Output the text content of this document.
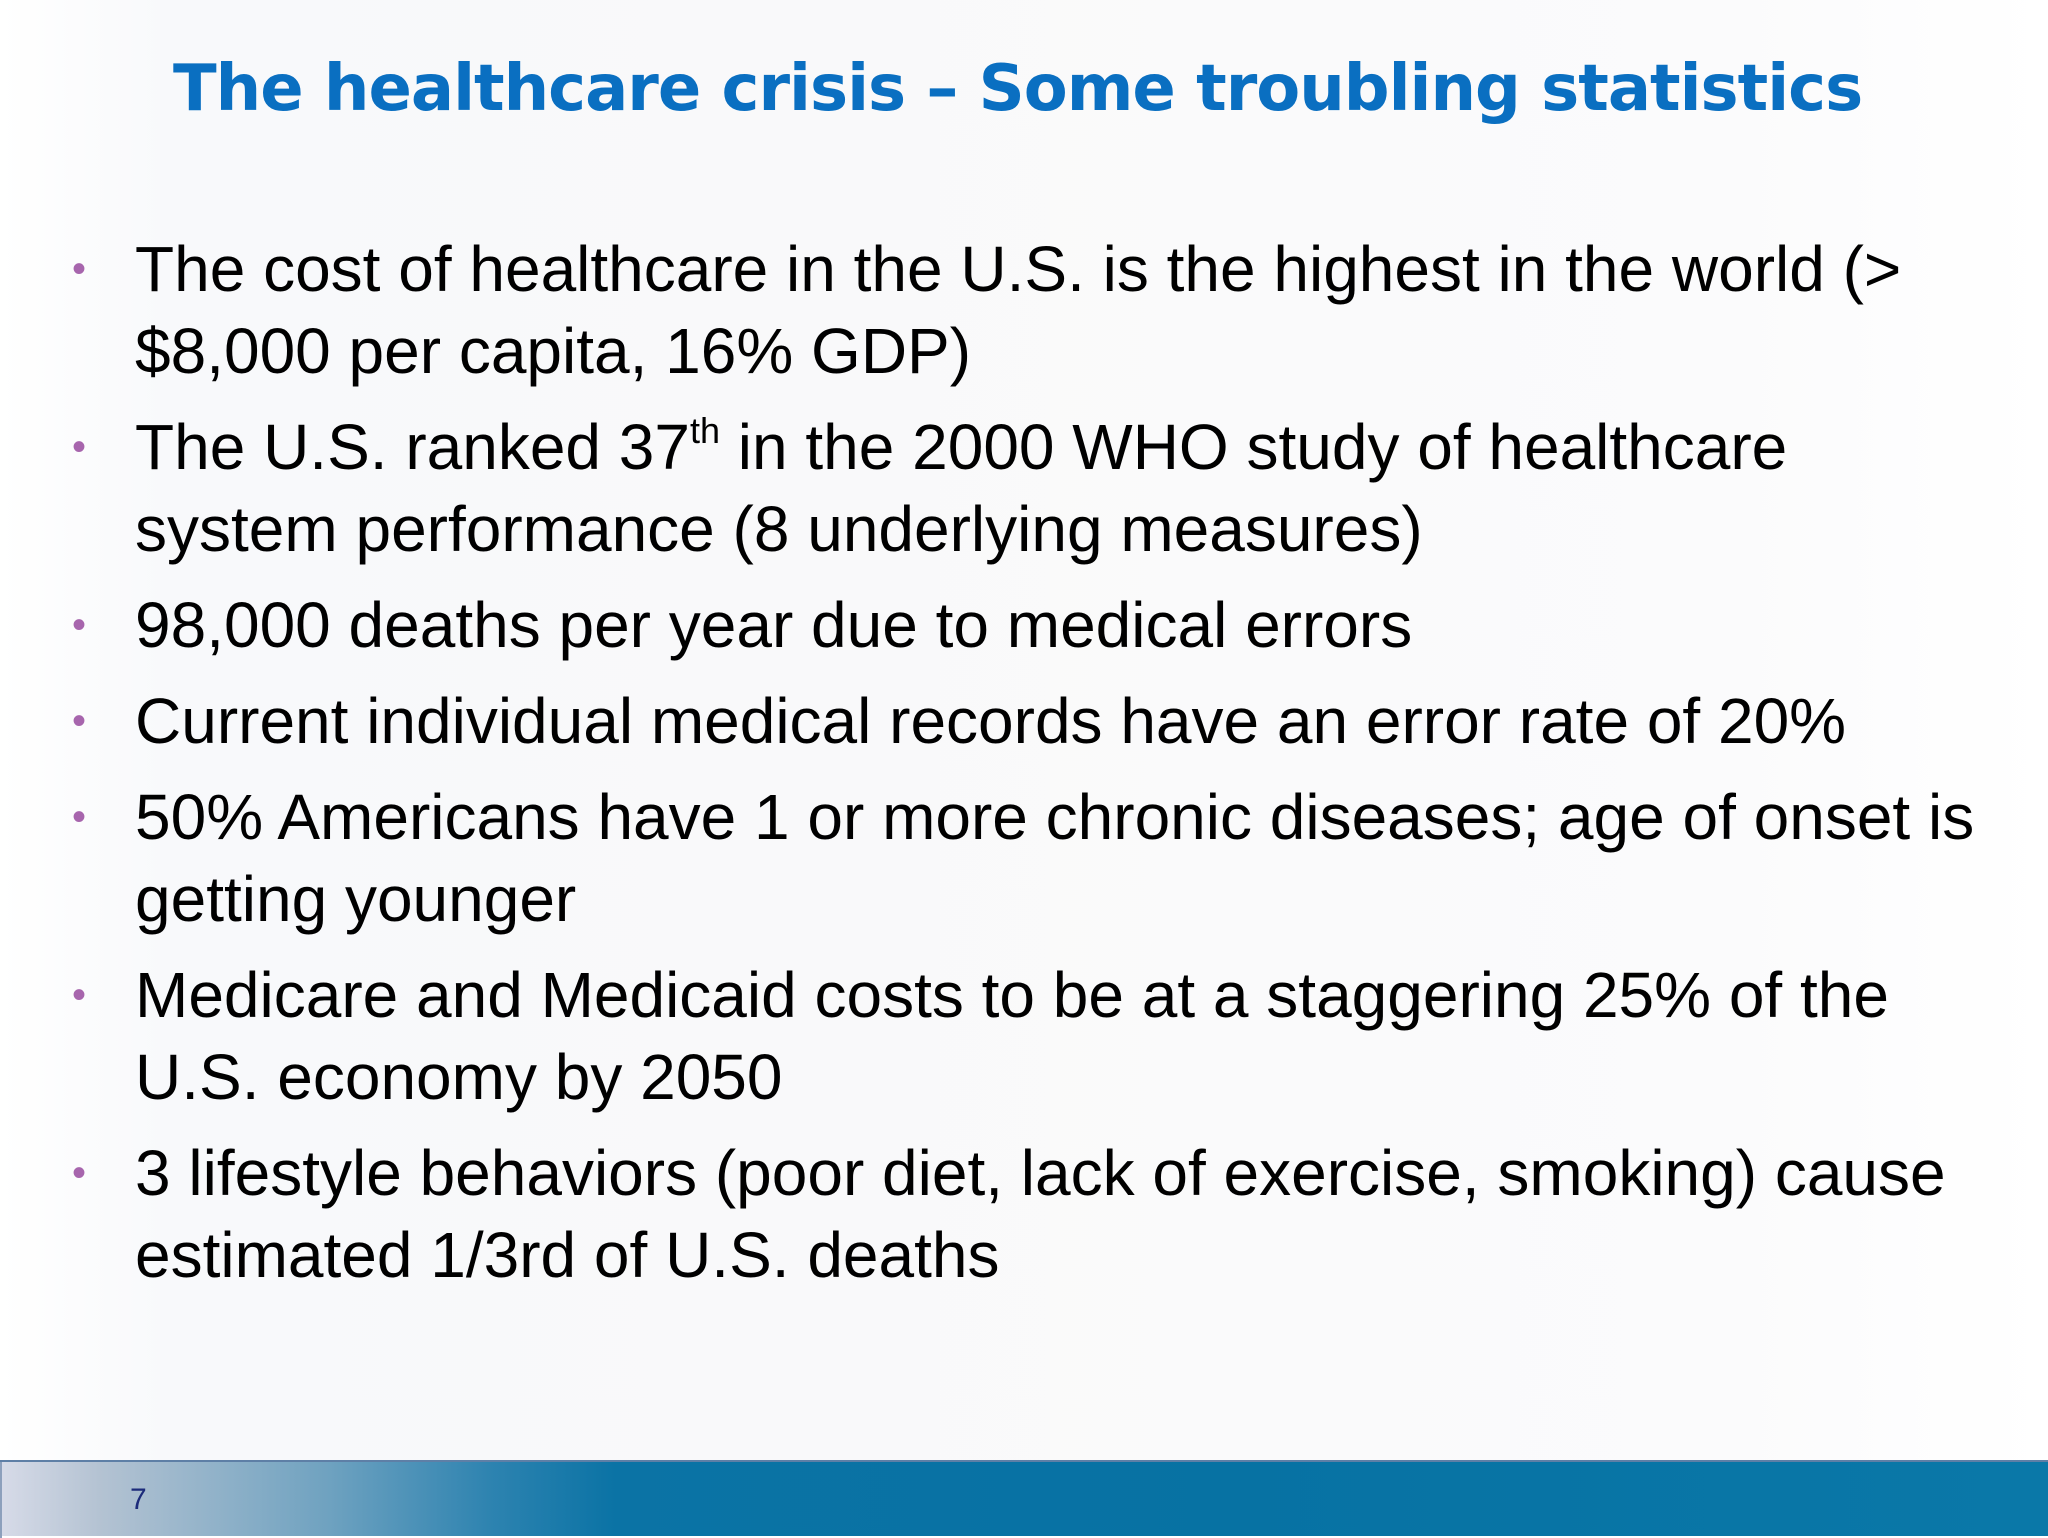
The healthcare crisis – Some troubling statistics
• The cost of healthcare in the U.S. is the highest in the world (> $8,000 per capita, 16% GDP)
• The U.S. ranked 37th in the 2000 WHO study of healthcare system performance (8 underlying measures)
• 98,000 deaths per year due to medical errors
• Current individual medical records have an error rate of 20%
• 50% Americans have 1 or more chronic diseases; age of onset is getting younger
• Medicare and Medicaid costs to be at a staggering 25% of the U.S. economy by 2050
• 3 lifestyle behaviors (poor diet, lack of exercise, smoking) cause estimated 1/3rd of U.S. deaths
7
